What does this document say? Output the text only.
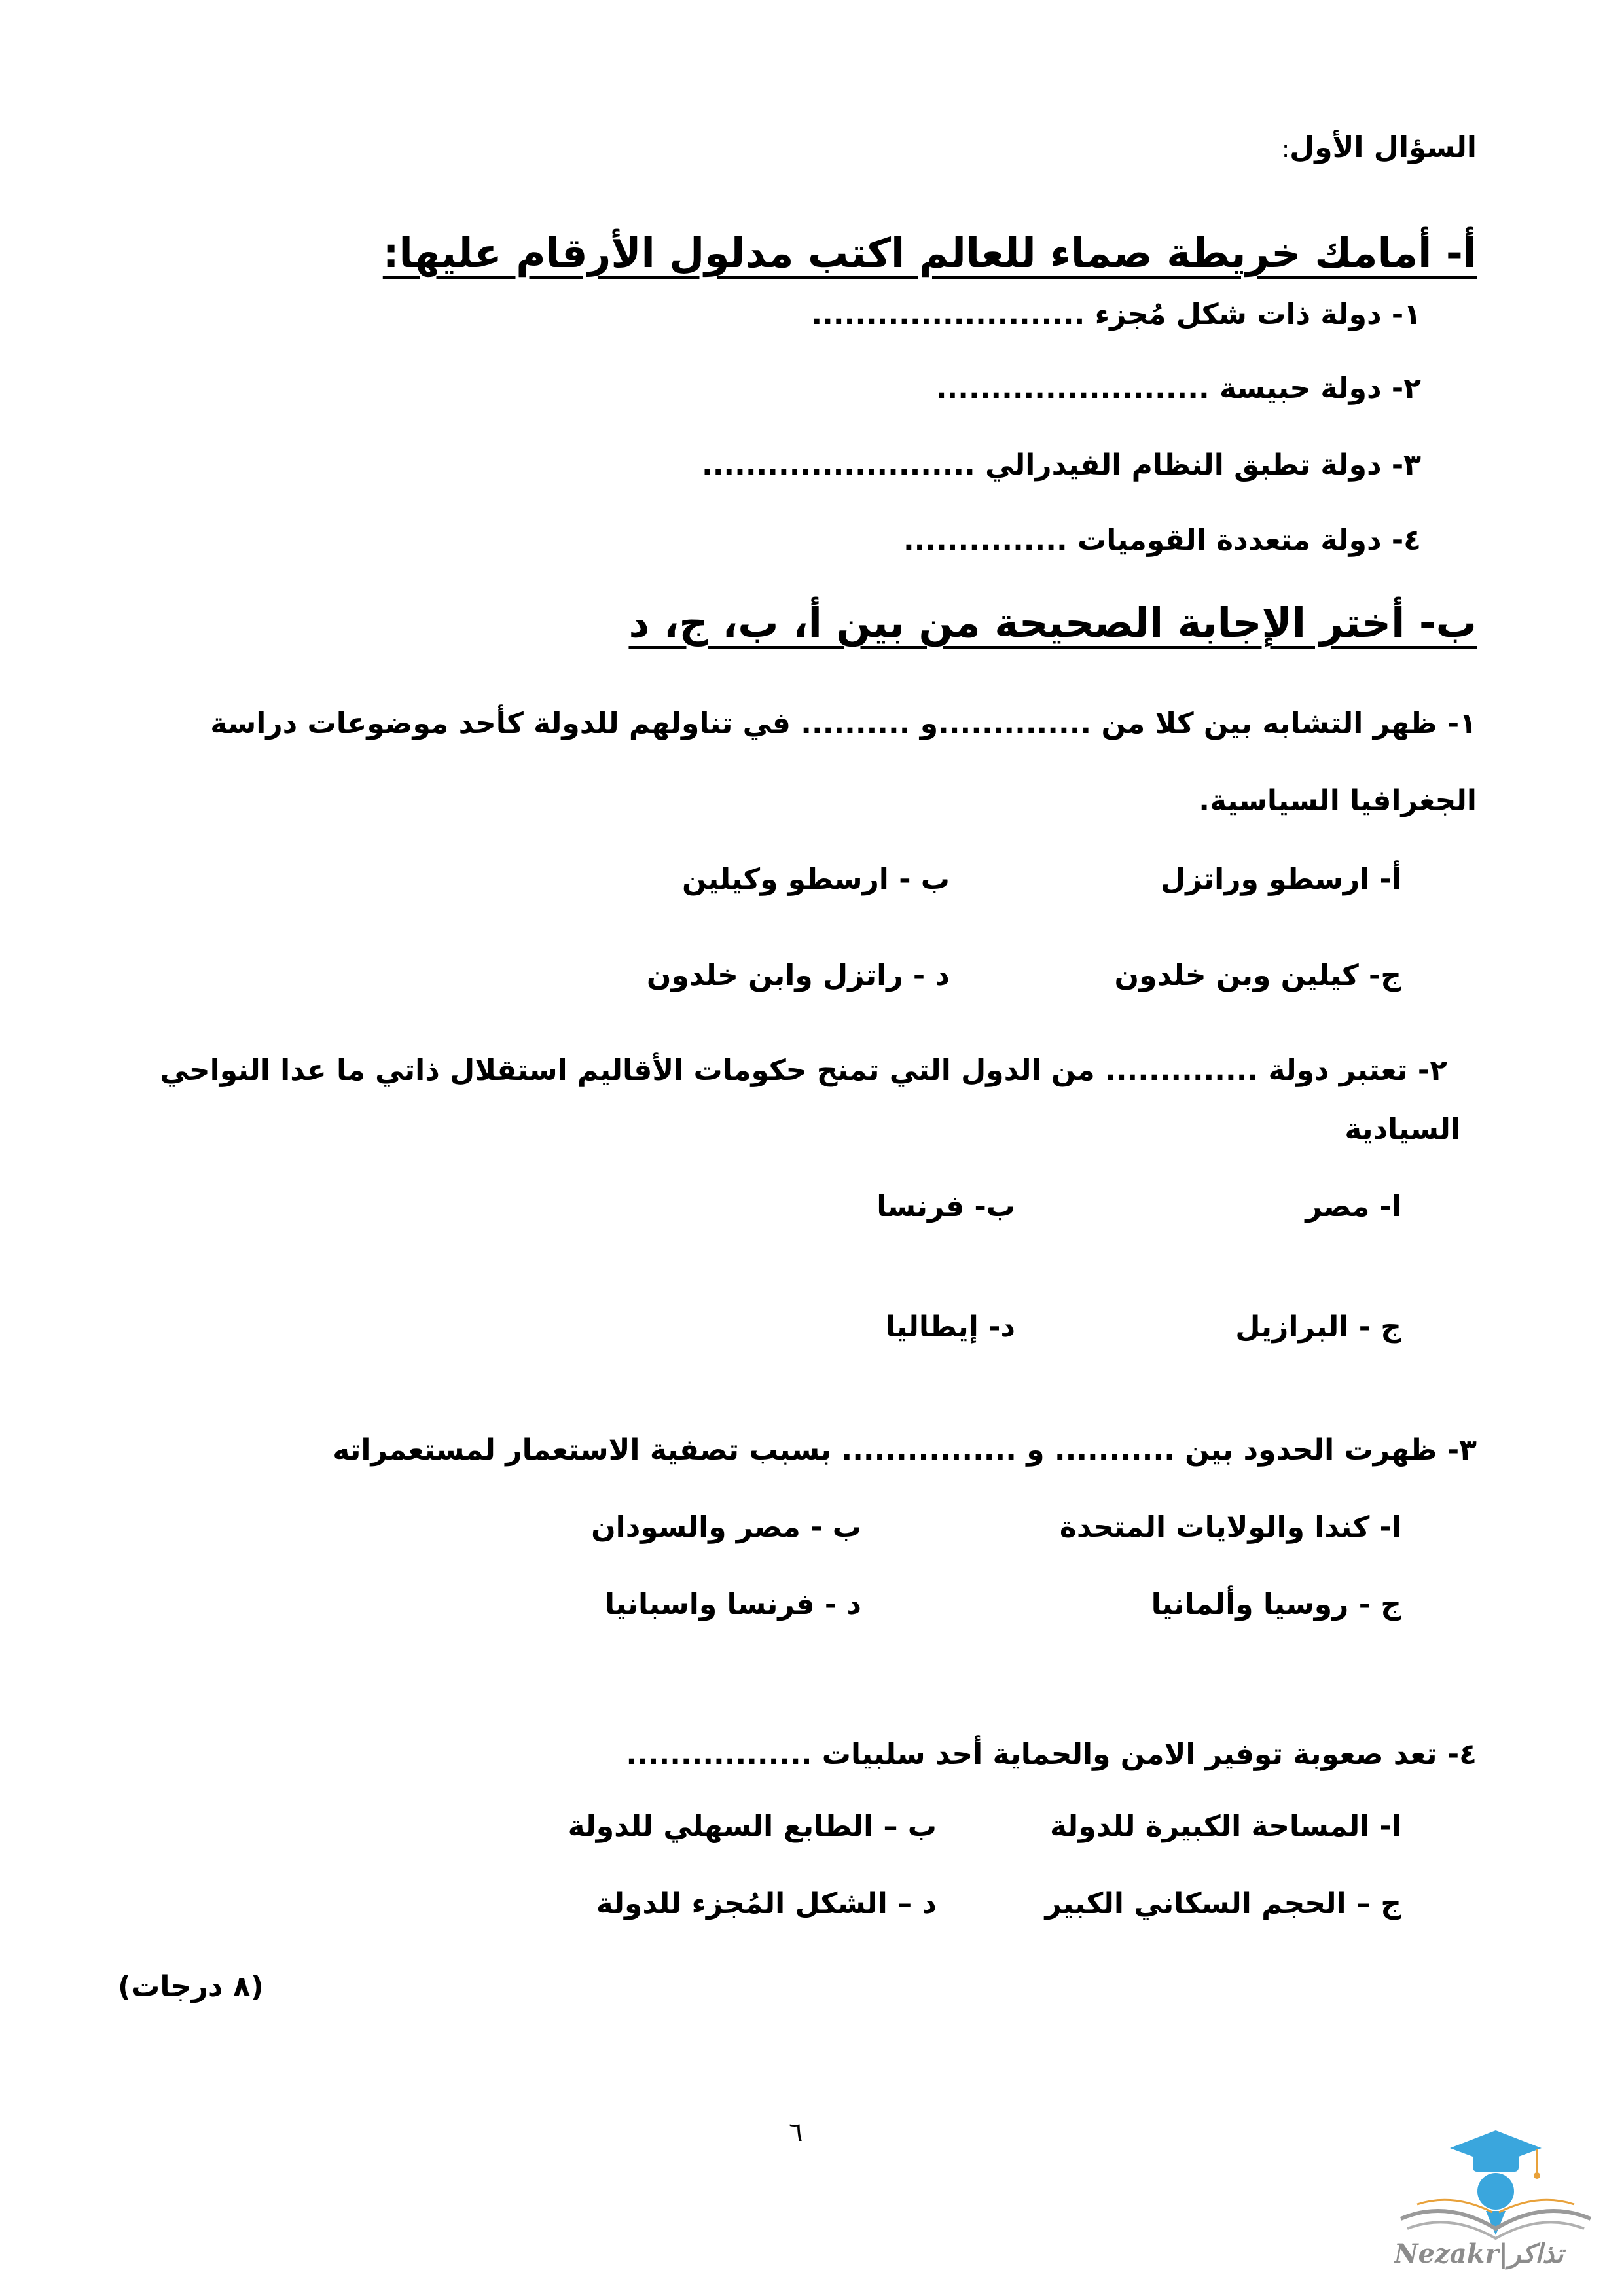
السؤال الأول:
أ- أمامك خريطة صماء للعالم اكتب مدلول الأرقام عليها:
١- دولة ذات شكل مُجزء .........................
٢- دولة حبيسة .........................
٣- دولة تطبق النظام الفيدرالي .........................
٤- دولة متعددة القوميات ...............
ب- أختر الإجابة الصحيحة من بين أ، ب، ج، د
١- ظهر التشابه بين كلا من ..............و .......... في تناولهم للدولة كأحد موضوعات دراسة
الجغرافيا السياسية.
أ- ارسطو وراتزل
ب - ارسطو وكيلين
ج- كيلين وبن خلدون
د - راتزل وابن خلدون
٢- تعتبر دولة .............. من الدول التي تمنح حكومات الأقاليم استقلال ذاتي ما عدا النواحي
السيادية
ا- مصر
ب- فرنسا
ج - البرازيل
د- إيطاليا
٣- ظهرت الحدود بين ........... و ................ بسبب تصفية الاستعمار لمستعمراته
ا- كندا والولايات المتحدة
ب - مصر والسودان
ج - روسيا وألمانيا
د - فرنسا واسبانيا
٤- تعد صعوبة توفير الامن والحماية أحد سلبيات .................
ا- المساحة الكبيرة للدولة
ب – الطابع السهلي للدولة
ج – الحجم السكاني الكبير
د – الشكل المُجزء للدولة
(٨ درجات)
٦
Nezakr|تذاكر
